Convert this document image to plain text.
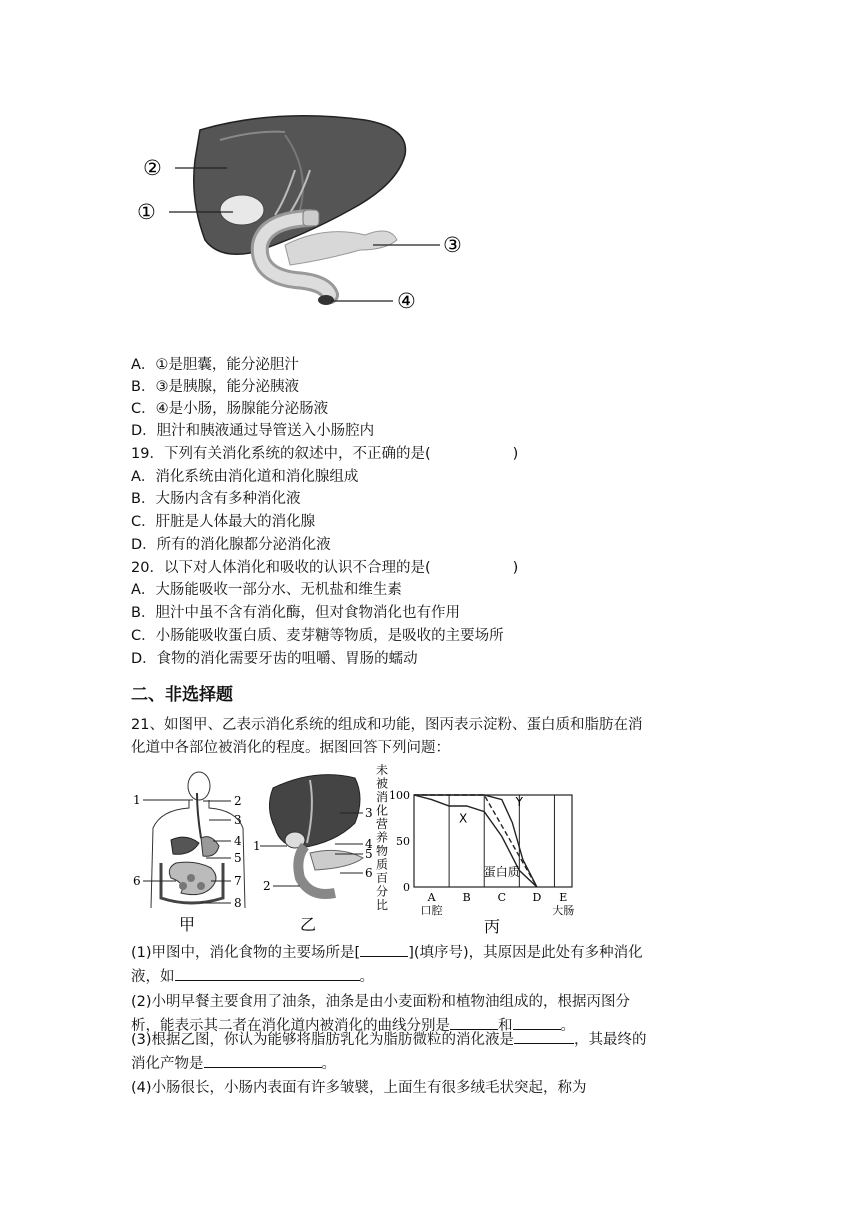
②
①
③
④
A．①是胆囊，能分泌胆汁
B．③是胰腺，能分泌胰液
C．④是小肠，肠腺能分泌肠液
D．胆汁和胰液通过导管送入小肠腔内
19．下列有关消化系统的叙述中，不正确的是(	)
A．消化系统由消化道和消化腺组成
B．大肠内含有多种消化液
C．肝脏是人体最大的消化腺
D．所有的消化腺都分泌消化液
20．以下对人体消化和吸收的认识不合理的是(	)
A．大肠能吸收一部分水、无机盐和维生素
B．胆汁中虽不含有消化酶，但对食物消化也有作用
C．小肠能吸收蛋白质、麦芽糖等物质，是吸收的主要场所
D．食物的消化需要牙齿的咀嚼、胃肠的蠕动
二、非选择题
21、如图甲、乙表示消化系统的组成和功能，图丙表示淀粉、蛋白质和脂肪在消
化道中各部位被消化的程度。据图回答下列问题：
1	2
3
4
5
6	7
8
甲
1
2
3
4
5
6
乙
未
被
消
化
营
养
物
质
百
分
比
100
50
0
A
口腔
B C D E
大肠
X
Y
蛋白质
丙
(1)甲图中，消化食物的主要场所是[	](填序号)，其原因是此处有多种消化
液，如	。
(2)小明早餐主要食用了油条，油条是由小麦面粉和植物油组成的，根据丙图分
析，能表示其二者在消化道内被消化的曲线分别是	和	。
(3)根据乙图，你认为能够将脂肪乳化为脂肪微粒的消化液是	，其最终的
消化产物是	。
(4)小肠很长，小肠内表面有许多皱襞，上面生有很多绒毛状突起，称为
